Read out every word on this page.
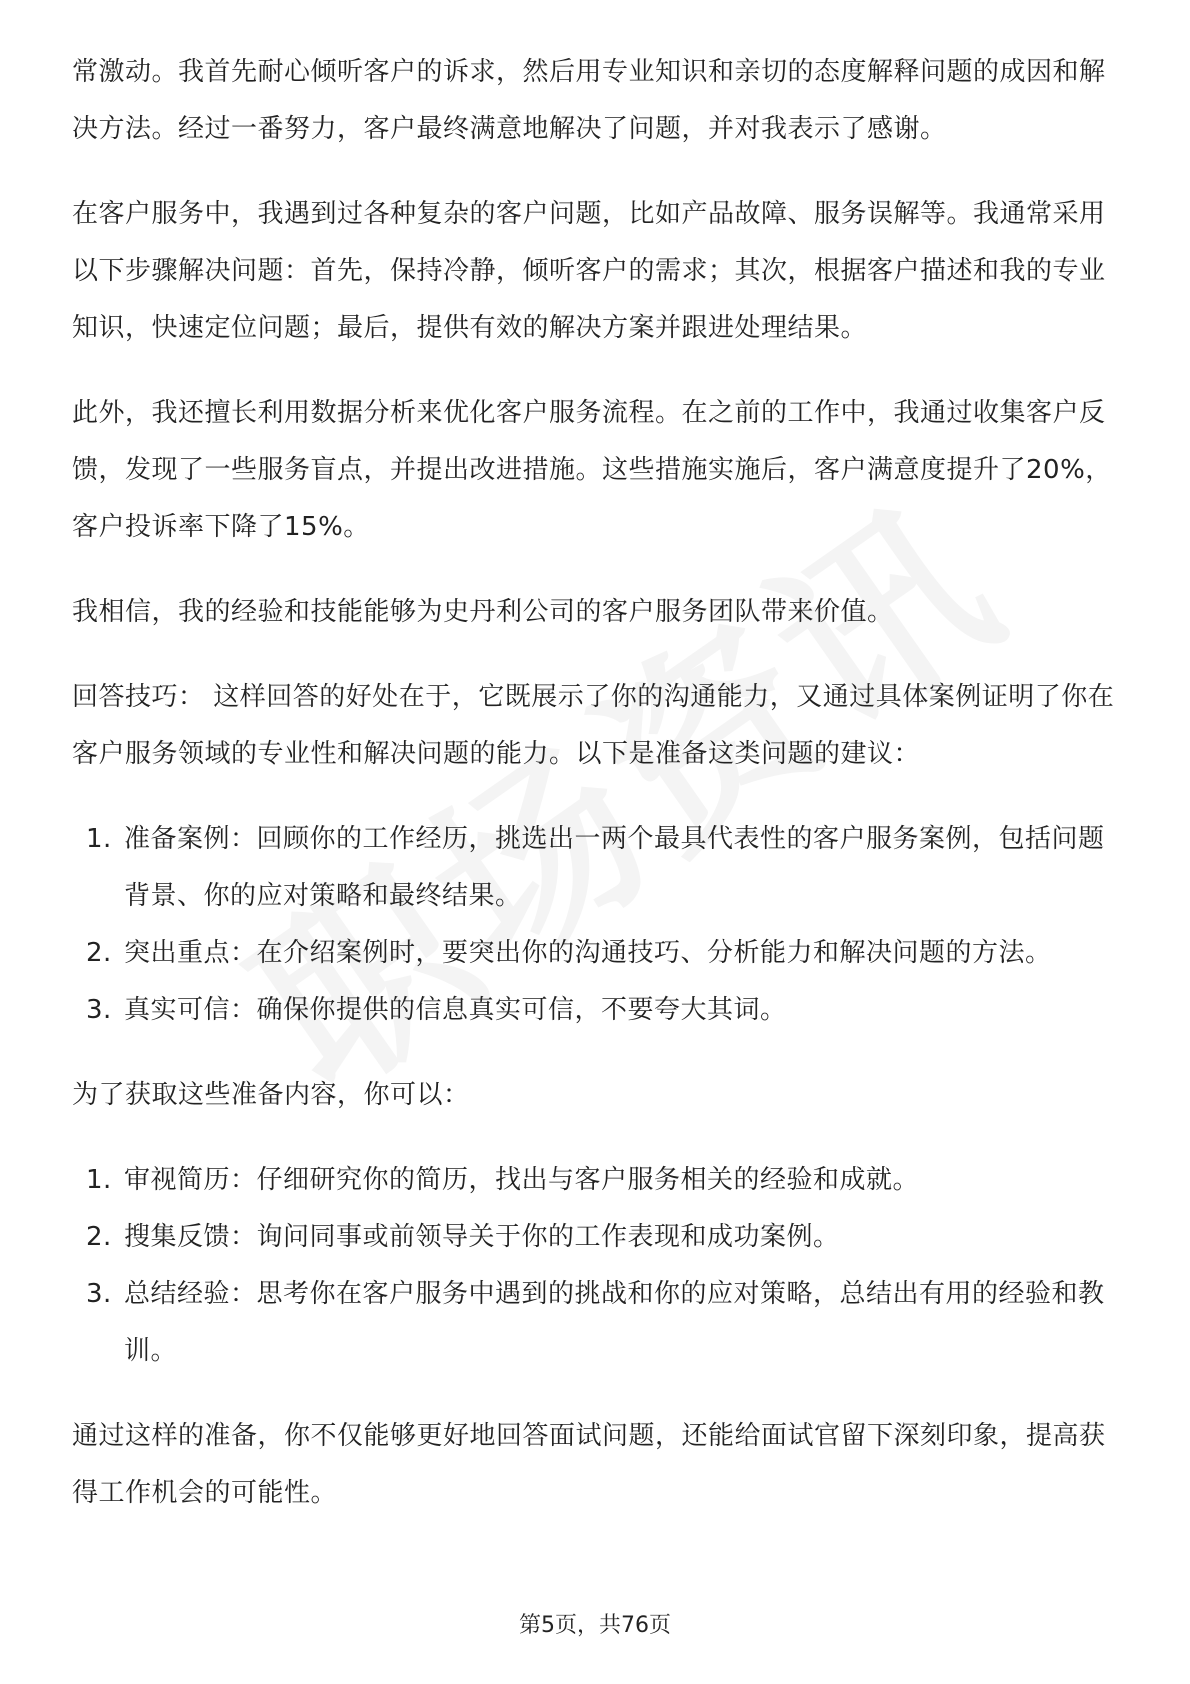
常激动。我首先耐心倾听客户的诉求，然后用专业知识和亲切的态度解释问题的成因和解决方法。经过一番努力，客户最终满意地解决了问题，并对我表示了感谢。

在客户服务中，我遇到过各种复杂的客户问题，比如产品故障、服务误解等。我通常采用以下步骤解决问题：首先，保持冷静，倾听客户的需求；其次，根据客户描述和我的专业知识，快速定位问题；最后，提供有效的解决方案并跟进处理结果。

此外，我还擅长利用数据分析来优化客户服务流程。在之前的工作中，我通过收集客户反馈，发现了一些服务盲点，并提出改进措施。这些措施实施后，客户满意度提升了20%，客户投诉率下降了15%。

我相信，我的经验和技能能够为史丹利公司的客户服务团队带来价值。

回答技巧： 这样回答的好处在于，它既展示了你的沟通能力，又通过具体案例证明了你在客户服务领域的专业性和解决问题的能力。以下是准备这类问题的建议：

1. 准备案例：回顾你的工作经历，挑选出一两个最具代表性的客户服务案例，包括问题背景、你的应对策略和最终结果。
2. 突出重点：在介绍案例时，要突出你的沟通技巧、分析能力和解决问题的方法。
3. 真实可信：确保你提供的信息真实可信，不要夸大其词。

为了获取这些准备内容，你可以：

1. 审视简历：仔细研究你的简历，找出与客户服务相关的经验和成就。
2. 搜集反馈：询问同事或前领导关于你的工作表现和成功案例。
3. 总结经验：思考你在客户服务中遇到的挑战和你的应对策略，总结出有用的经验和教训。

通过这样的准备，你不仅能够更好地回答面试问题，还能给面试官留下深刻印象，提高获得工作机会的可能性。

第5页，共76页
